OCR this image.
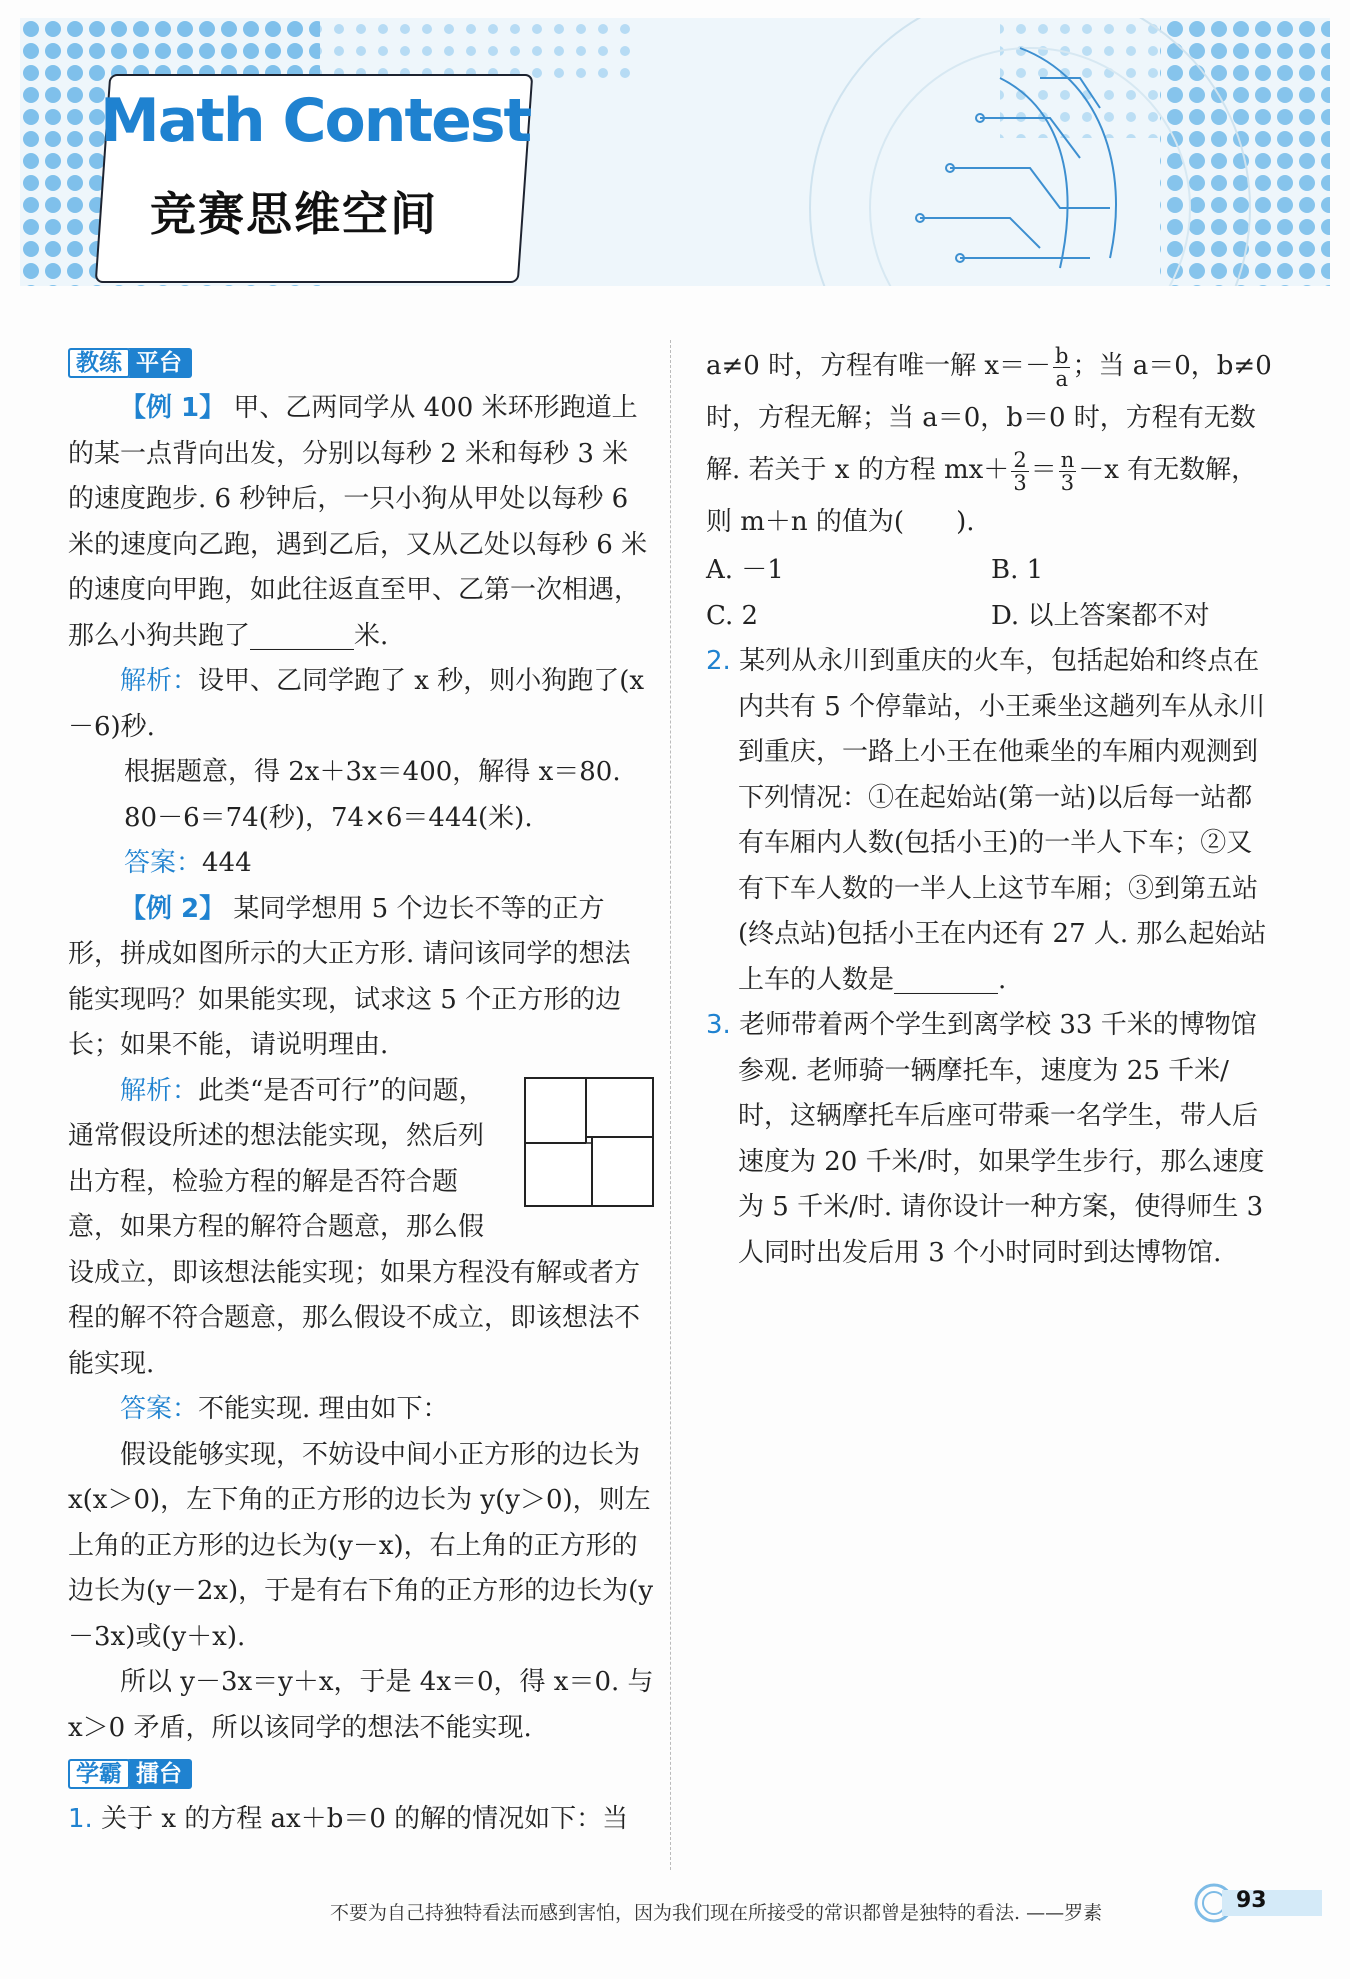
Math Contest
竞赛思维空间
教练 平台

【例 1】 甲、乙两同学从 400 米环形跑道上的某一点背向出发，分别以每秒 2 米和每秒 3 米的速度跑步. 6 秒钟后，一只小狗从甲处以每秒 6 米的速度向乙跑，遇到乙后，又从乙处以每秒 6 米的速度向甲跑，如此往返直至甲、乙第一次相遇，那么小狗共跑了________米.

解析：设甲、乙同学跑了 x 秒，则小狗跑了(x－6)秒.

根据题意，得 2x＋3x＝400，解得 x＝80.

80－6＝74(秒)，74×6＝444(米).

答案：444

【例 2】 某同学想用 5 个边长不等的正方形，拼成如图所示的大正方形. 请问该同学的想法能实现吗？如果能实现，试求这 5 个正方形的边长；如果不能，请说明理由.

解析：此类“是否可行”的问题，通常假设所述的想法能实现，然后列出方程，检验方程的解是否符合题意，如果方程的解符合题意，那么假设成立，即该想法能实现；如果方程没有解或者方程的解不符合题意，那么假设不成立，即该想法不能实现.

答案：不能实现. 理由如下：

假设能够实现，不妨设中间小正方形的边长为 x(x＞0)，左下角的正方形的边长为 y(y＞0)，则左上角的正方形的边长为(y－x)，右上角的正方形的边长为(y－2x)，于是有右下角的正方形的边长为(y－3x)或(y＋x).

所以 y－3x＝y＋x，于是 4x＝0，得 x＝0. 与 x＞0 矛盾，所以该同学的想法不能实现.

学霸 擂台

1. 关于 x 的方程 ax＋b＝0 的解的情况如下：当

a≠0 时，方程有唯一解 $x=- \frac{b}{a}$ ；当 a＝0，b≠0 时，方程无解；当 a＝0，b＝0 时，方程有无数解. 若关于 x 的方程 $mx+ \frac{2}{3} = \frac{n}{3} -x$ 有无数解，则 m＋n 的值为(　　).

A. －1	B. 1
C. 2	D. 以上答案都不对

2. 某列从永川到重庆的火车，包括起始和终点在内共有 5 个停靠站，小王乘坐这趟列车从永川到重庆，一路上小王在他乘坐的车厢内观测到下列情况：①在起始站(第一站)以后每一站都有车厢内人数(包括小王)的一半人下车；②又有下车人数的一半人上这节车厢；③到第五站(终点站)包括小王在内还有 27 人. 那么起始站上车的人数是________.

3. 老师带着两个学生到离学校 33 千米的博物馆参观. 老师骑一辆摩托车，速度为 25 千米/时，这辆摩托车后座可带乘一名学生，带人后速度为 20 千米/时，如果学生步行，那么速度为 5 千米/时. 请你设计一种方案，使得师生 3 人同时出发后用 3 个小时同时到达博物馆.

不要为自己持独特看法而感到害怕，因为我们现在所接受的常识都曾是独特的看法. ——罗素	93
